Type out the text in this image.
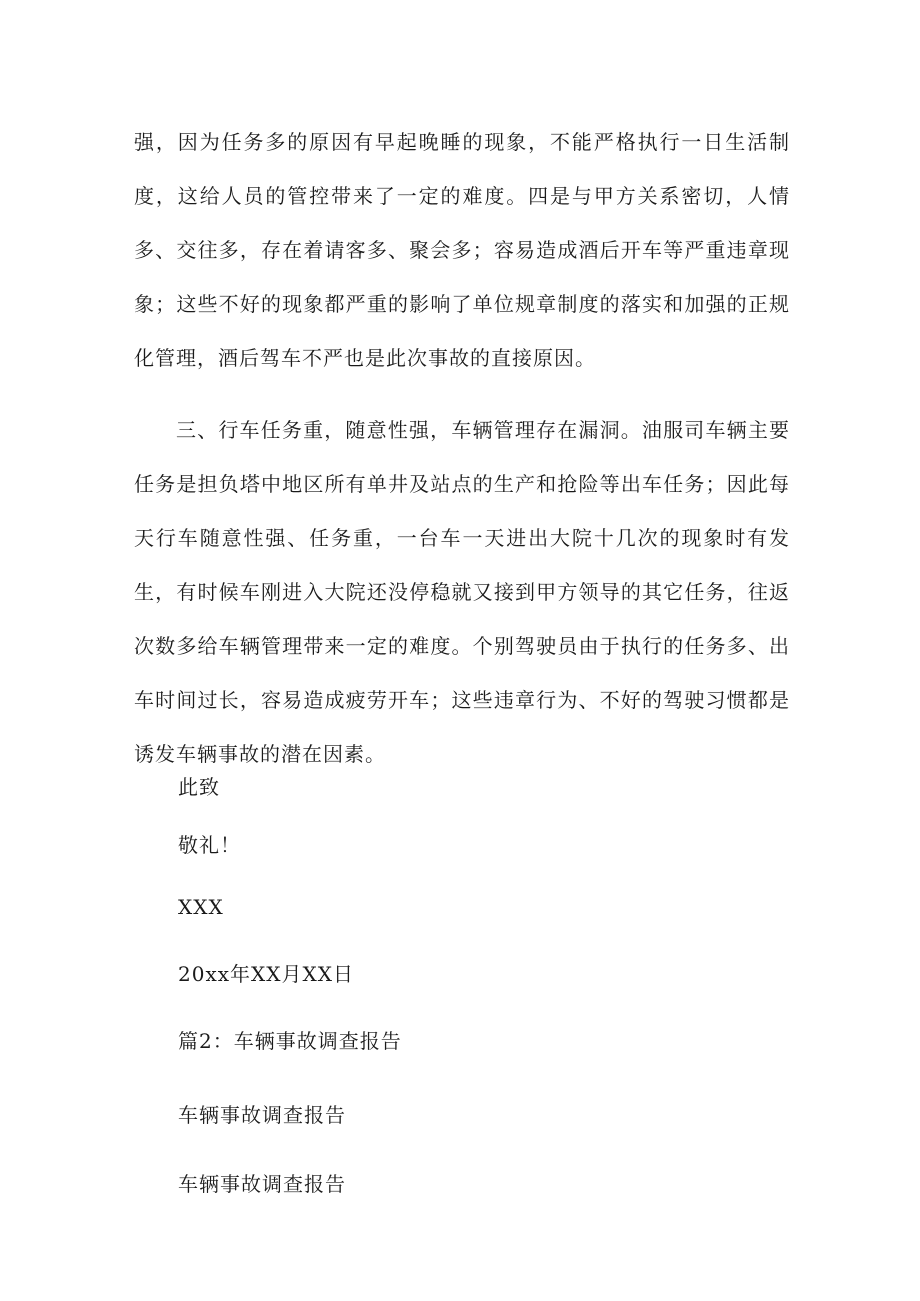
强，因为任务多的原因有早起晚睡的现象，不能严格执行一日生活制度，这给人员的管控带来了一定的难度。四是与甲方关系密切，人情多、交往多，存在着请客多、聚会多；容易造成酒后开车等严重违章现象；这些不好的现象都严重的影响了单位规章制度的落实和加强的正规化管理，酒后驾车不严也是此次事故的直接原因。

三、行车任务重，随意性强，车辆管理存在漏洞。油服司车辆主要任务是担负塔中地区所有单井及站点的生产和抢险等出车任务；因此每天行车随意性强、任务重，一台车一天进出大院十几次的现象时有发生，有时候车刚进入大院还没停稳就又接到甲方领导的其它任务，往返次数多给车辆管理带来一定的难度。个别驾驶员由于执行的任务多、出车时间过长，容易造成疲劳开车；这些违章行为、不好的驾驶习惯都是诱发车辆事故的潜在因素。

此致

敬礼！

XXX

20xx年XX月XX日

篇2：车辆事故调查报告

车辆事故调查报告

车辆事故调查报告
